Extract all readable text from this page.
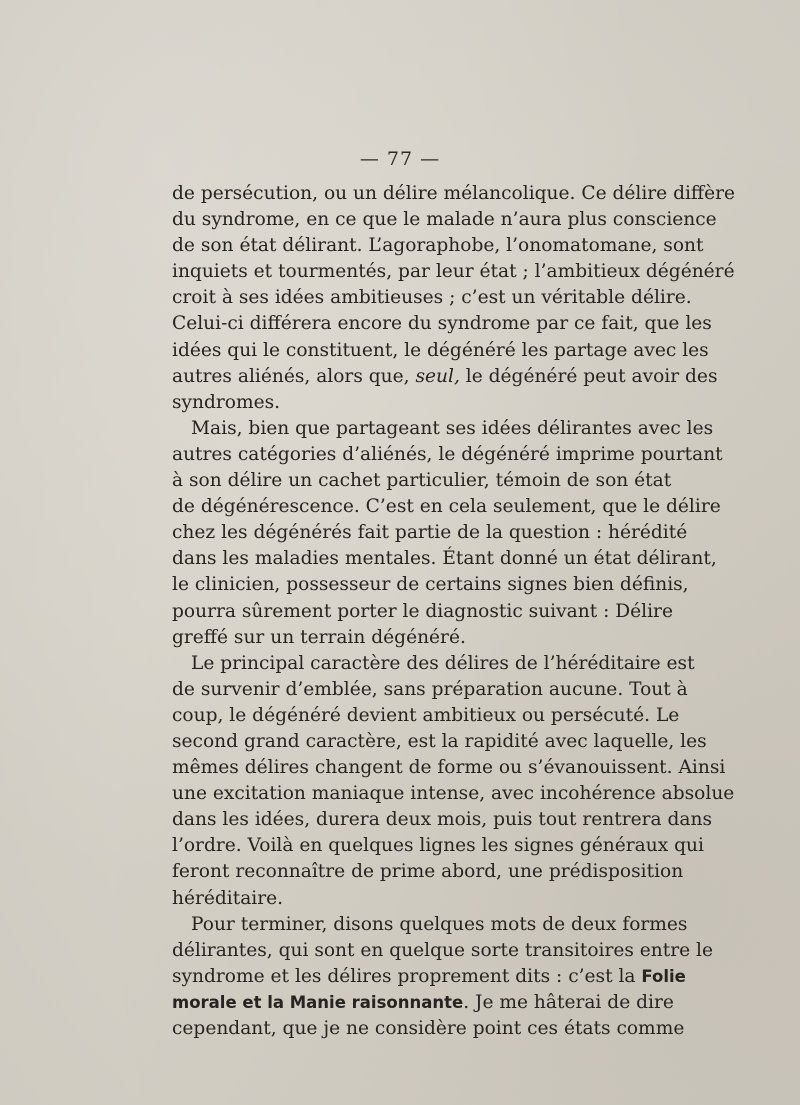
— 77 —
de persécution, ou un délire mélancolique. Ce délire diffère
du syndrome, en ce que le malade n’aura plus conscience
de son état délirant. L’agoraphobe, l’onomatomane, sont
inquiets et tourmentés, par leur état ; l’ambitieux dégénéré
croit à ses idées ambitieuses ; c’est un véritable délire.
Celui-ci différera encore du syndrome par ce fait, que les
idées qui le constituent, le dégénéré les partage avec les
autres aliénés, alors que, seul, le dégénéré peut avoir des
syndromes.
Mais, bien que partageant ses idées délirantes avec les
autres catégories d’aliénés, le dégénéré imprime pourtant
à son délire un cachet particulier, témoin de son état
de dégénérescence. C’est en cela seulement, que le délire
chez les dégénérés fait partie de la question : hérédité
dans les maladies mentales. Étant donné un état délirant,
le clinicien, possesseur de certains signes bien définis,
pourra sûrement porter le diagnostic suivant : Délire
greffé sur un terrain dégénéré.
Le principal caractère des délires de l’héréditaire est
de survenir d’emblée, sans préparation aucune. Tout à
coup, le dégénéré devient ambitieux ou persécuté. Le
second grand caractère, est la rapidité avec laquelle, les
mêmes délires changent de forme ou s’évanouissent. Ainsi
une excitation maniaque intense, avec incohérence absolue
dans les idées, durera deux mois, puis tout rentrera dans
l’ordre. Voilà en quelques lignes les signes généraux qui
feront reconnaître de prime abord, une prédisposition
héréditaire.
Pour terminer, disons quelques mots de deux formes
délirantes, qui sont en quelque sorte transitoires entre le
syndrome et les délires proprement dits : c’est la Folie
morale et la Manie raisonnante. Je me hâterai de dire
cependant, que je ne considère point ces états comme
